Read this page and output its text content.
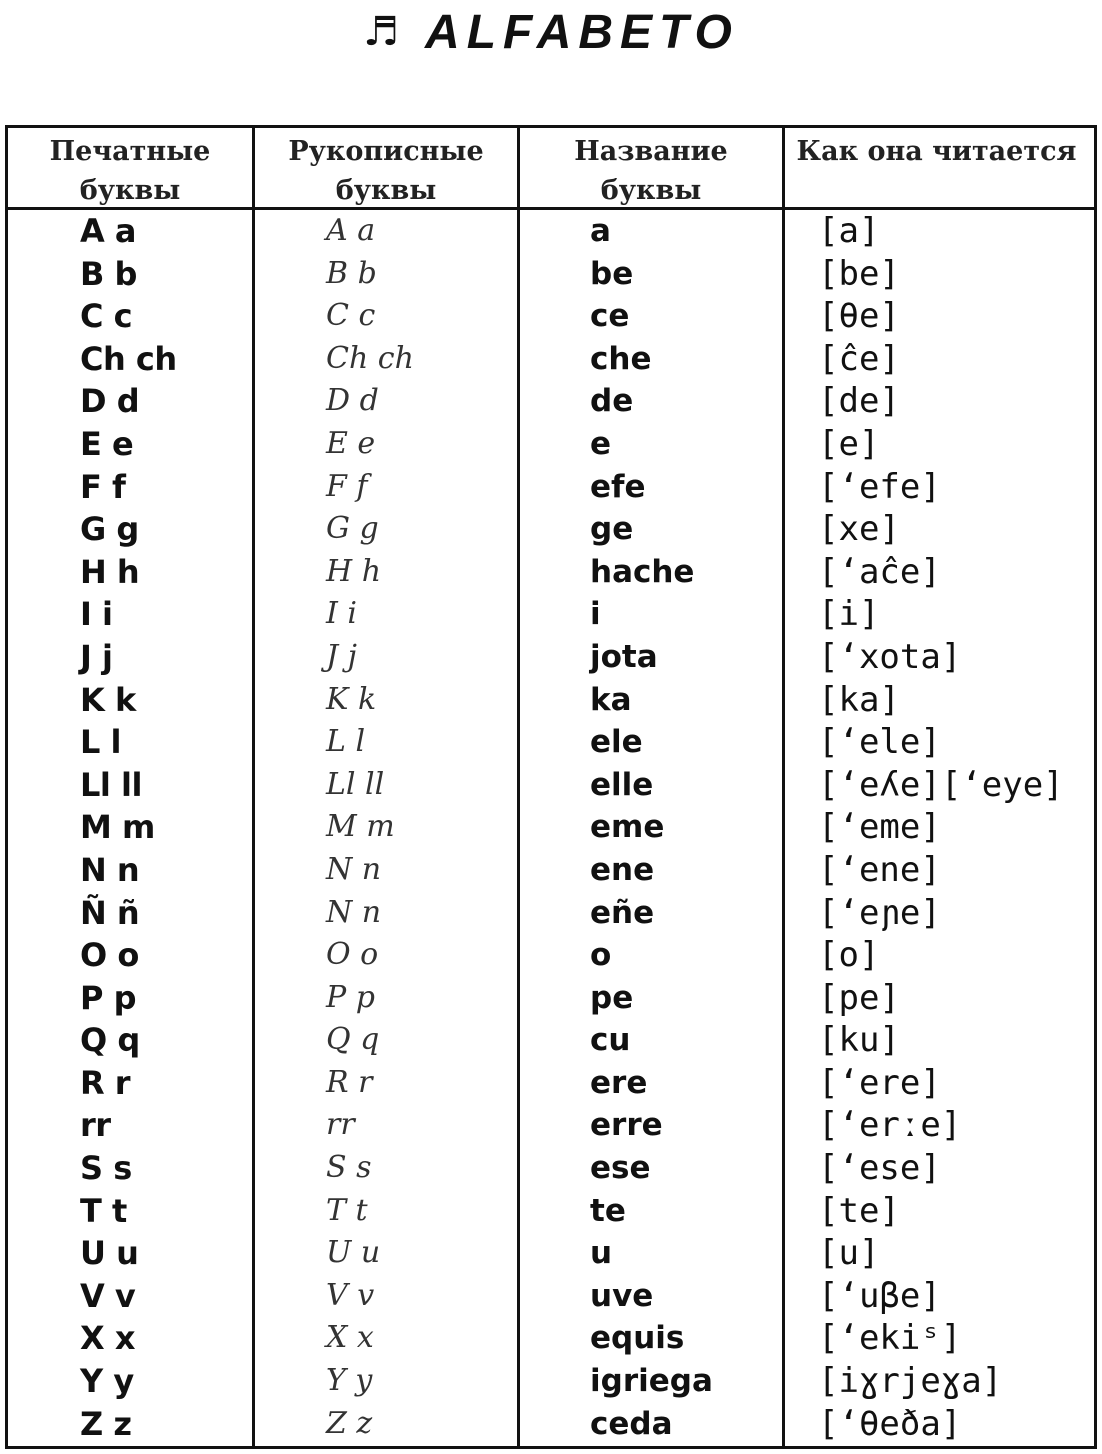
♬ ALFABETO
Печатные
буквы
Рукописные
буквы
Название
буквы
Как она читается
A a	A a	a	[a]
B b	B b	be	[be]
C c	C c	ce	[θe]
Ch ch	Ch ch	che	[ĉe]
D d	D d	de	[de]
E e	E e	e	[e]
F f	F f	efe	[ʻefe]
G g	G g	ge	[xe]
H h	H h	hache	[ʻaĉe]
I i	I i	i	[i]
J j	J j	jota	[ʻxota]
K k	K k	ka	[ka]
L l	L l	ele	[ʻele]
Ll ll	Ll ll	elle	[ʻeʎe][ʻeye]
M m	M m	eme	[ʻeme]
N n	N n	ene	[ʻene]
Ñ ñ	N n	eñe	[ʻeɲe]
O o	O o	o	[o]
P p	P p	pe	[pe]
Q q	Q q	cu	[ku]
R r	R r	ere	[ʻere]
rr	rr	erre	[ʻerːe]
S s	S s	ese	[ʻese]
T t	T t	te	[te]
U u	U u	u	[u]
V v	V v	uve	[ʻuβe]
X x	X x	equis	[ʻekiˢ]
Y y	Y y	igriega	[iɣrjeɣa]
Z z	Z z	ceda	[ʻθeða]
